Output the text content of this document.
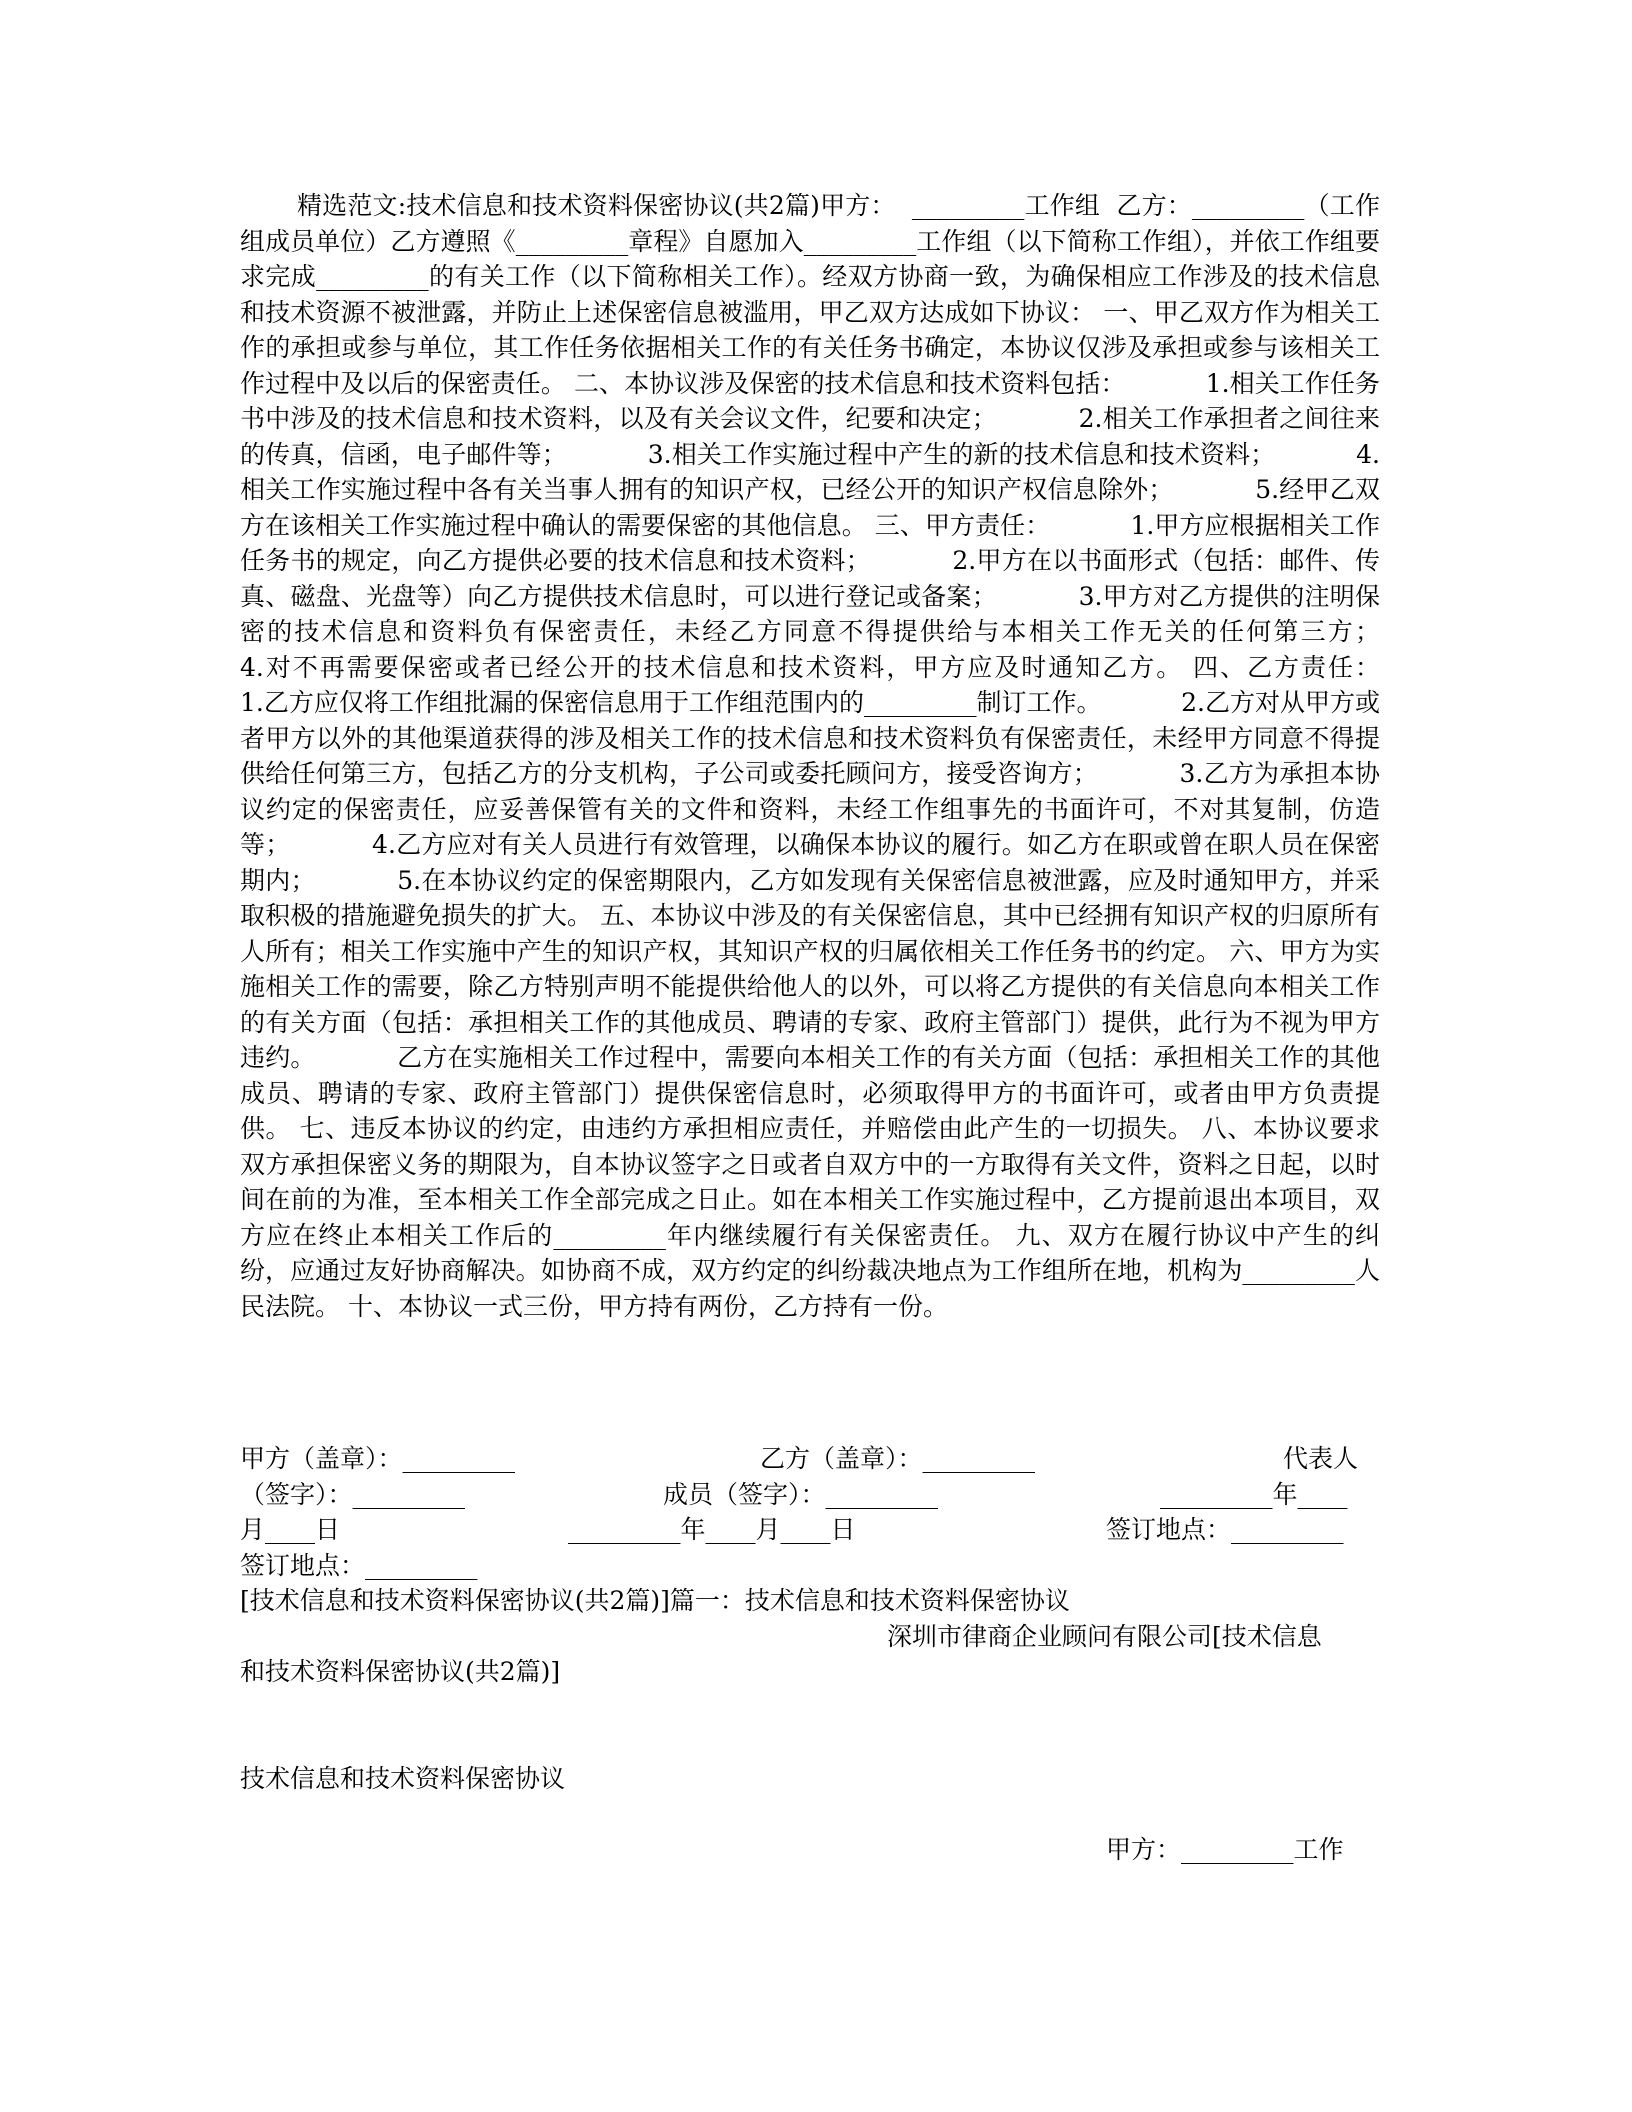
精选范文:技术信息和技术资料保密协议(共2篇)甲方：  _________工作组  乙方：_________（工作组成员单位）乙方遵照《_________章程》自愿加入_________工作组（以下简称工作组），并依工作组要求完成_________的有关工作（以下简称相关工作）。经双方协商一致，为确保相应工作涉及的技术信息和技术资源不被泄露，并防止上述保密信息被滥用，甲乙双方达成如下协议： 一、甲乙双方作为相关工作的承担或参与单位，其工作任务依据相关工作的有关任务书确定，本协议仅涉及承担或参与该相关工作过程中及以后的保密责任。 二、本协议涉及保密的技术信息和技术资料包括：          1.相关工作任务书中涉及的技术信息和技术资料，以及有关会议文件，纪要和决定；          2.相关工作承担者之间往来的传真，信函，电子邮件等；          3.相关工作实施过程中产生的新的技术信息和技术资料；          4.相关工作实施过程中各有关当事人拥有的知识产权，已经公开的知识产权信息除外；          5.经甲乙双方在该相关工作实施过程中确认的需要保密的其他信息。 三、甲方责任：          1.甲方应根据相关工作任务书的规定，向乙方提供必要的技术信息和技术资料；          2.甲方在以书面形式（包括：邮件、传真、磁盘、光盘等）向乙方提供技术信息时，可以进行登记或备案；          3.甲方对乙方提供的注明保密的技术信息和资料负有保密责任，未经乙方同意不得提供给与本相关工作无关的任何第三方；          4.对不再需要保密或者已经公开的技术信息和技术资料，甲方应及时通知乙方。 四、乙方责任：          1.乙方应仅将工作组批漏的保密信息用于工作组范围内的_________制订工作。          2.乙方对从甲方或者甲方以外的其他渠道获得的涉及相关工作的技术信息和技术资料负有保密责任，未经甲方同意不得提供给任何第三方，包括乙方的分支机构，子公司或委托顾问方，接受咨询方；          3.乙方为承担本协议约定的保密责任，应妥善保管有关的文件和资料，未经工作组事先的书面许可，不对其复制，仿造等；          4.乙方应对有关人员进行有效管理，以确保本协议的履行。如乙方在职或曾在职人员在保密期内；          5.在本协议约定的保密期限内，乙方如发现有关保密信息被泄露，应及时通知甲方，并采取积极的措施避免损失的扩大。 五、本协议中涉及的有关保密信息，其中已经拥有知识产权的归原所有人所有；相关工作实施中产生的知识产权，其知识产权的归属依相关工作任务书的约定。 六、甲方为实施相关工作的需要，除乙方特别声明不能提供给他人的以外，可以将乙方提供的有关信息向本相关工作的有关方面（包括：承担相关工作的其他成员、聘请的专家、政府主管部门）提供，此行为不视为甲方违约。          乙方在实施相关工作过程中，需要向本相关工作的有关方面（包括：承担相关工作的其他成员、聘请的专家、政府主管部门）提供保密信息时，必须取得甲方的书面许可，或者由甲方负责提供。 七、违反本协议的约定，由违约方承担相应责任，并赔偿由此产生的一切损失。 八、本协议要求双方承担保密义务的期限为，自本协议签字之日或者自双方中的一方取得有关文件，资料之日起，以时间在前的为准，至本相关工作全部完成之日止。如在本相关工作实施过程中，乙方提前退出本项目，双方应在终止本相关工作后的_________年内继续履行有关保密责任。 九、双方在履行协议中产生的纠纷，应通过友好协商解决。如协商不成，双方约定的纠纷裁决地点为工作组所在地，机构为_________人民法院。 十、本协议一式三份，甲方持有两份，乙方持有一份。

甲方（盖章）：_________	乙方（盖章）：_________	代表人
（签字）：_________	成员（签字）：_________	_________年____
月____日	_________年____月____日	签订地点：_________
签订地点：_________
[技术信息和技术资料保密协议(共2篇)]篇一：技术信息和技术资料保密协议
深圳市律商企业顾问有限公司[技术信息
和技术资料保密协议(共2篇)]
技术信息和技术资料保密协议
甲方：_________工作
